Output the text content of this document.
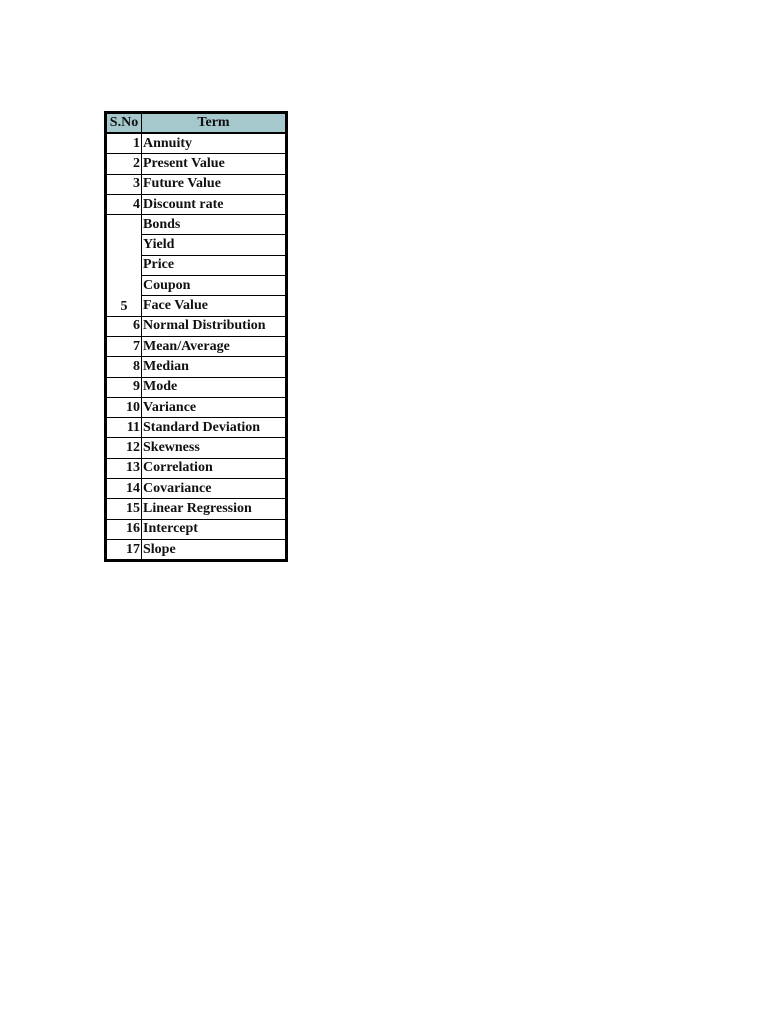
S.No	Term
1	Annuity
2	Present Value
3	Future Value
4	Discount rate
5	Bonds
	Yield
	Price
	Coupon
	Face Value
6	Normal Distribution
7	Mean/Average
8	Median
9	Mode
10	Variance
11	Standard Deviation
12	Skewness
13	Correlation
14	Covariance
15	Linear Regression
16	Intercept
17	Slope
